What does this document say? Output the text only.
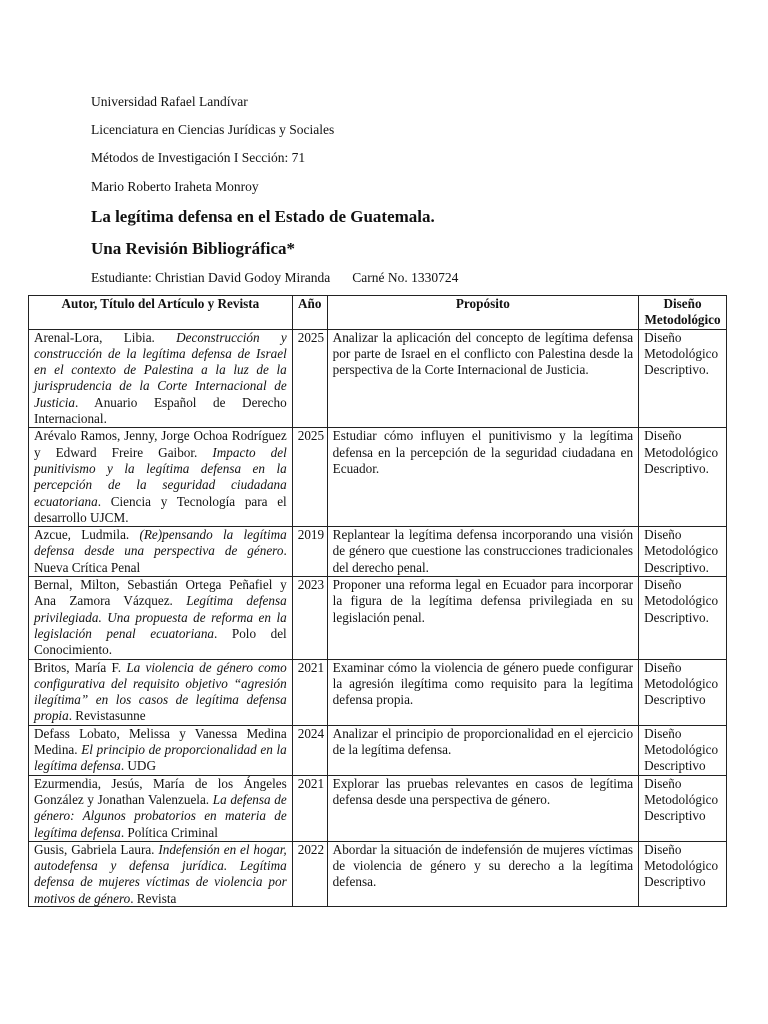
Universidad Rafael Landívar
Licenciatura en Ciencias Jurídicas y Sociales
Métodos de Investigación I Sección: 71
Mario Roberto Iraheta Monroy
La legítima defensa en el Estado de Guatemala.
Una Revisión Bibliográfica*
Estudiante: Christian David Godoy Miranda Carné No. 1330724
Autor, Título del Artículo y Revista	Año	Propósito	Diseño Metodológico
Arenal-Lora, Libia. Deconstrucción y construcción de la legítima defensa de Israel en el contexto de Palestina a la luz de la jurisprudencia de la Corte Internacional de Justicia. Anuario Español de Derecho Internacional.	2025	Analizar la aplicación del concepto de legítima defensa por parte de Israel en el conflicto con Palestina desde la perspectiva de la Corte Internacional de Justicia.	Diseño Metodológico Descriptivo.
Arévalo Ramos, Jenny, Jorge Ochoa Rodríguez y Edward Freire Gaibor. Impacto del punitivismo y la legítima defensa en la percepción de la seguridad ciudadana ecuatoriana. Ciencia y Tecnología para el desarrollo UJCM.	2025	Estudiar cómo influyen el punitivismo y la legítima defensa en la percepción de la seguridad ciudadana en Ecuador.	Diseño Metodológico Descriptivo.
Azcue, Ludmila. (Re)pensando la legítima defensa desde una perspectiva de género. Nueva Crítica Penal	2019	Replantear la legítima defensa incorporando una visión de género que cuestione las construcciones tradicionales del derecho penal.	Diseño Metodológico Descriptivo.
Bernal, Milton, Sebastián Ortega Peñafiel y Ana Zamora Vázquez. Legítima defensa privilegiada. Una propuesta de reforma en la legislación penal ecuatoriana. Polo del Conocimiento.	2023	Proponer una reforma legal en Ecuador para incorporar la figura de la legítima defensa privilegiada en su legislación penal.	Diseño Metodológico Descriptivo.
Britos, María F. La violencia de género como configurativa del requisito objetivo “agresión ilegítima” en los casos de legítima defensa propia. Revistasunne	2021	Examinar cómo la violencia de género puede configurar la agresión ilegítima como requisito para la legítima defensa propia.	Diseño Metodológico Descriptivo
Defass Lobato, Melissa y Vanessa Medina Medina. El principio de proporcionalidad en la legítima defensa. UDG	2024	Analizar el principio de proporcionalidad en el ejercicio de la legítima defensa.	Diseño Metodológico Descriptivo
Ezurmendia, Jesús, María de los Ángeles González y Jonathan Valenzuela. La defensa de género: Algunos probatorios en materia de legítima defensa. Política Criminal	2021	Explorar las pruebas relevantes en casos de legítima defensa desde una perspectiva de género.	Diseño Metodológico Descriptivo

Gusis, Gabriela Laura. Indefensión en el hogar, autodefensa y defensa jurídica. Legítima defensa de mujeres víctimas de violencia por motivos de género. Revista	2022	Abordar la situación de indefensión de mujeres víctimas de violencia de género y su derecho a la legítima defensa.	Diseño Metodológico Descriptivo
